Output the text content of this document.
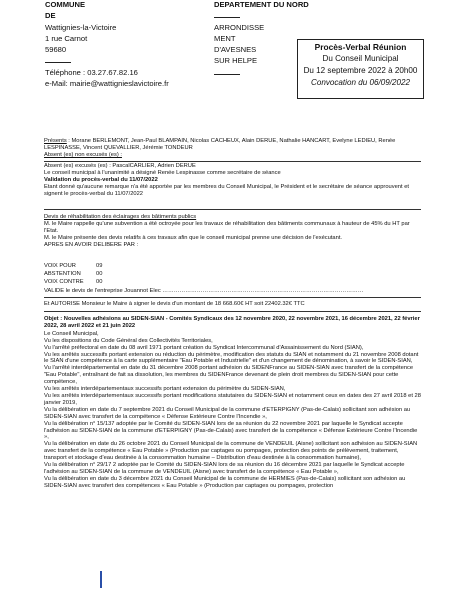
COMMUNE
DE
Wattignies-la-Victoire
1 rue Carnot
59680
Téléphone : 03.27.67.82.16
e-Mail: mairie@wattigniеslavictoire.fr
DEPARTEMENT DU NORD
ARRONDISSE
MENT
D'AVESNES
SUR HELPE
Procès-Verbal Réunion
Du Conseil Municipal
Du 12 septembre 2022 à 20h00
Convocation du 06/09/2022

Présents : Morane BERLEMONT, Jean-Paul BLAMPAIN, Nicolas CACHEUX, Alain DERUE, Nathalie HANCART, Evelyne LEDIEU, Renée LESPINASSE, Vincent QUEVALLIER, Jérémie TONDEUR

Absent (es) non excusés (es) :

Absent (es) excusés (es) : PascalCARLIER, Adrien DERUE

Le conseil municipal à l'unanimité a désigné Renée Lespinasse comme secrétaire de séance

Validation du procès-verbal du 11/07/2022

Etant donné qu'aucune remarque n'a été apportée par les membres du Conseil Municipal, le Président et le secrétaire de séance approuvent et signent le procès-verbal du 11/07/2022

Devis de réhabilitation des éclairages des bâtiments publics

M. le Maire rappelle qu'une subvention a été octroyée pour les travaux de réhabilitation des bâtiments communaux à hauteur de 45% du HT par l'Etat.

M. le Maire présente des devis relatifs à ces travaux afin que le conseil municipal prenne une décision de l'exécutant.

APRES EN AVOIR DELIBERE PAR :

VOIX POUR	09
ABSTENTION	00
VOIX CONTRE 00

VALIDE le devis de l'entreprise Jouannot Elec ……………………………………………………………………………………………

Et AUTORISE Monsieur le Maire à signer le devis d'un montant de 18 668.60€ HT soit 22402.32€ TTC

Objet : Nouvelles adhésions au SIDEN-SIAN - Comités Syndicaux des 12 novembre 2020, 22 novembre 2021, 16 décembre 2021, 22 février 2022, 28 avril 2022 et 21 juin 2022

Le Conseil Municipal,

Vu les dispositions du Code Général des Collectivités Territoriales,

Vu l'arrêté préfectoral en date du 08 avril 1971 portant création du Syndicat Intercommunal d'Assainissement du Nord (SIAN),

Vu les arrêtés successifs portant extension ou réduction du périmètre, modification des statuts du SIAN et notamment du 21 novembre 2008 dotant le SIAN d'une compétence à la carte supplémentaire "Eau Potable et Industrielle" et d'un changement de dénomination, à savoir le SIDEN-SIAN,

Vu l'arrêté interdépartemental en date du 31 décembre 2008 portant adhésion du SIDENFrance au SIDEN-SIAN avec transfert de la compétence "Eau Potable", entraînant de fait sa dissolution, les membres du SIDENFrance devenant de plein droit membres du SIDEN-SIAN pour cette compétence,

Vu les arrêtés interdépartementaux successifs portant extension du périmètre du SIDEN-SIAN,

Vu les arrêtés interdépartementaux successifs portant modifications statutaires du SIDEN-SIAN et notamment ceux en dates des 27 avril 2018 et 28 janvier 2019,

Vu la délibération en date du 7 septembre 2021 du Conseil Municipal de la commune d'ETERPIGNY (Pas-de-Calais) sollicitant son adhésion au SIDEN-SIAN avec transfert de la compétence « Défense Extérieure Contre l'Incendie »,

Vu la délibération n° 15/137 adoptée par le Comité du SIDEN-SIAN lors de sa réunion du 22 novembre 2021 par laquelle le Syndicat accepte l'adhésion au SIDEN-SIAN de la commune d'ETERPIGNY (Pas-de-Calais) avec transfert de la compétence « Défense Extérieure Contre l'Incendie »,

Vu la délibération en date du 26 octobre 2021 du Conseil Municipal de la commune de VENDEUIL (Aisne) sollicitant son adhésion au SIDEN-SIAN avec transfert de la compétence « Eau Potable » (Production par captages ou pompages, protection des points de prélèvement, traitement, transport et stockage d'eau destinée à la consommation humaine – Distribution d'eau destinée à la consommation humaine),

Vu la délibération n° 29/17 2 adoptée par le Comité du SIDEN-SIAN lors de sa réunion du 16 décembre 2021 par laquelle le Syndicat accepte l'adhésion au SIDEN-SIAN de la commune de VENDEUIL (Aisne) avec transfert de la compétence « Eau Potable »,

Vu la délibération en date du 3 décembre 2021 du Conseil Municipal de la commune de HERMIES (Pas-de-Calais) sollicitant son adhésion au SIDEN-SIAN avec transfert des compétences « Eau Potable » (Production par captages ou pompages, protection
